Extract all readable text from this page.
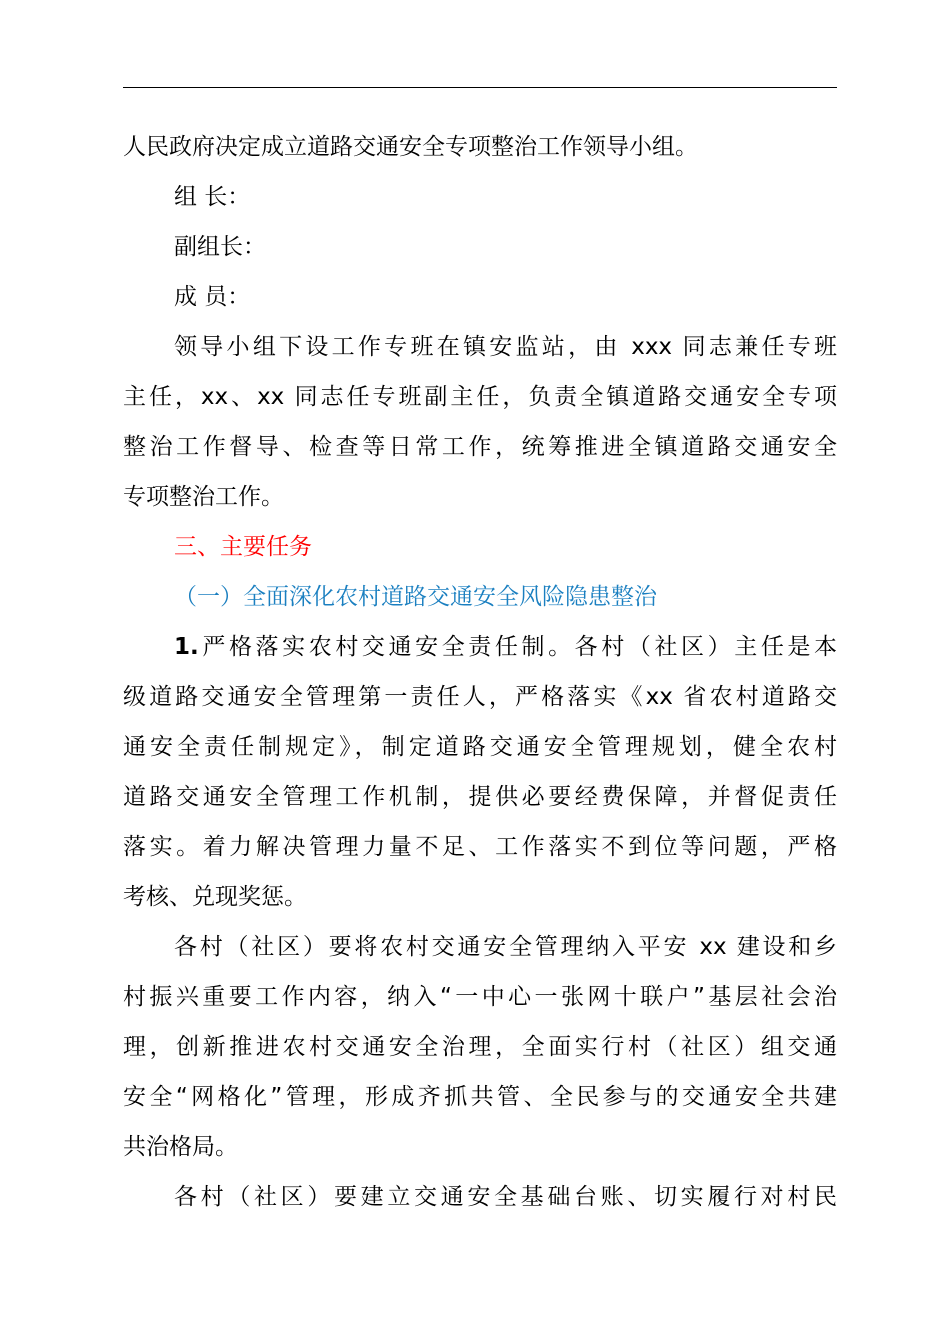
人民政府决定成立道路交通安全专项整治工作领导小组。
组 长：
副组长：
成 员：
领导小组下设工作专班在镇安监站，由 xxx 同志兼任专班
主任，xx、xx 同志任专班副主任，负责全镇道路交通安全专项
整治工作督导、检查等日常工作，统筹推进全镇道路交通安全
专项整治工作。
三、主要任务
（一）全面深化农村道路交通安全风险隐患整治
1.严格落实农村交通安全责任制。各村（社区）主任是本
级道路交通安全管理第一责任人，严格落实《xx 省农村道路交
通安全责任制规定》，制定道路交通安全管理规划，健全农村
道路交通安全管理工作机制，提供必要经费保障，并督促责任
落实。着力解决管理力量不足、工作落实不到位等问题，严格
考核、兑现奖惩。
各村（社区）要将农村交通安全管理纳入平安 xx 建设和乡
村振兴重要工作内容，纳入“一中心一张网十联户”基层社会治
理，创新推进农村交通安全治理，全面实行村（社区）组交通
安全“网格化”管理，形成齐抓共管、全民参与的交通安全共建
共治格局。
各村（社区）要建立交通安全基础台账、切实履行对村民
